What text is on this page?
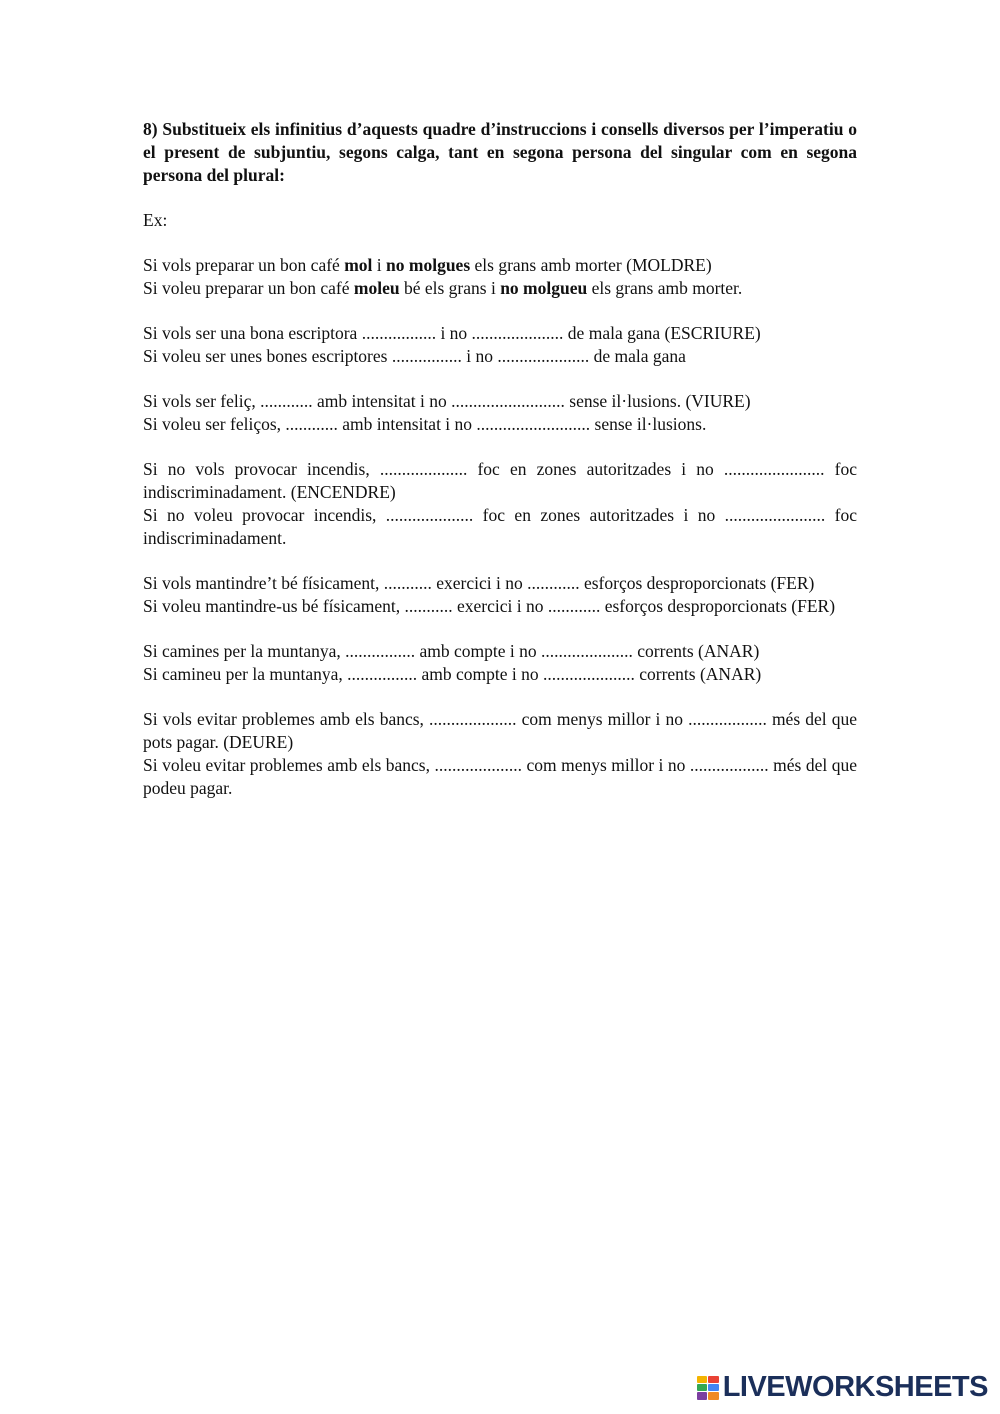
8) Substitueix els infinitius d’aquests quadre d’instruccions i consells diversos per l’imperatiu o el present de subjuntiu, segons calga, tant en segona persona del singular com en segona persona del plural:

Ex:

Si vols preparar un bon café mol i no molgues els grans amb morter (MOLDRE)
Si voleu preparar un bon café moleu bé els grans i no molgueu els grans amb morter.
Si vols ser una bona escriptora ................. i no ..................... de mala gana (ESCRIURE)
Si voleu ser unes bones escriptores ................ i no ..................... de mala gana
Si vols ser feliç, ............ amb intensitat i no .......................... sense il·lusions. (VIURE)
Si voleu ser feliços, ............ amb intensitat i no .......................... sense il·lusions.
Si no vols provocar incendis, .................... foc en zones autoritzades i no ....................... foc indiscriminadament. (ENCENDRE)
Si no voleu provocar incendis, .................... foc en zones autoritzades i no ....................... foc indiscriminadament.
Si vols mantindre’t bé físicament, ........... exercici i no ............ esforços desproporcionats (FER)
Si voleu mantindre-us bé físicament, ........... exercici i no ............ esforços desproporcionats (FER)
Si camines per la muntanya, ................ amb compte i no ..................... corrents (ANAR)
Si camineu per la muntanya, ................ amb compte i no ..................... corrents (ANAR)
Si vols evitar problemes amb els bancs, .................... com menys millor i no .................. més del que pots pagar. (DEURE)
Si voleu evitar problemes amb els bancs, .................... com menys millor i no .................. més del que podeu pagar.
LIVEWORKSHEETS
